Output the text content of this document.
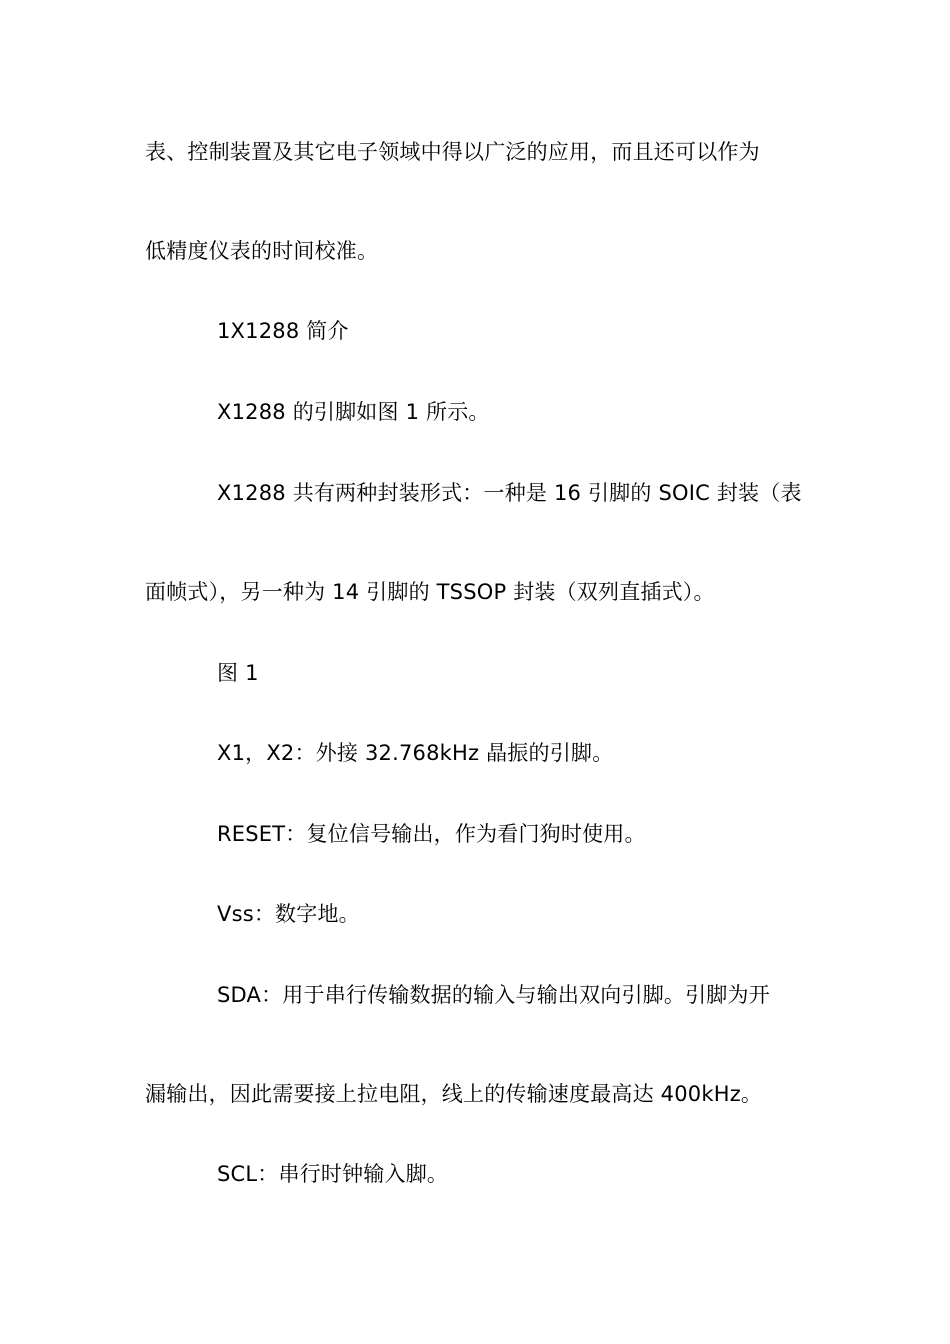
表、控制装置及其它电子领域中得以广泛的应用，而且还可以作为

低精度仪表的时间校准。

1X1288 简介

X1288 的引脚如图 1 所示。

X1288 共有两种封装形式：一种是 16 引脚的 SOIC 封装（表

面帧式），另一种为 14 引脚的 TSSOP 封装（双列直插式）。

图 1

X1，X2：外接 32.768kHz 晶振的引脚。

RESET：复位信号输出，作为看门狗时使用。

Vss：数字地。

SDA：用于串行传输数据的输入与输出双向引脚。引脚为开

漏输出，因此需要接上拉电阻，线上的传输速度最高达 400kHz。

SCL：串行时钟输入脚。
